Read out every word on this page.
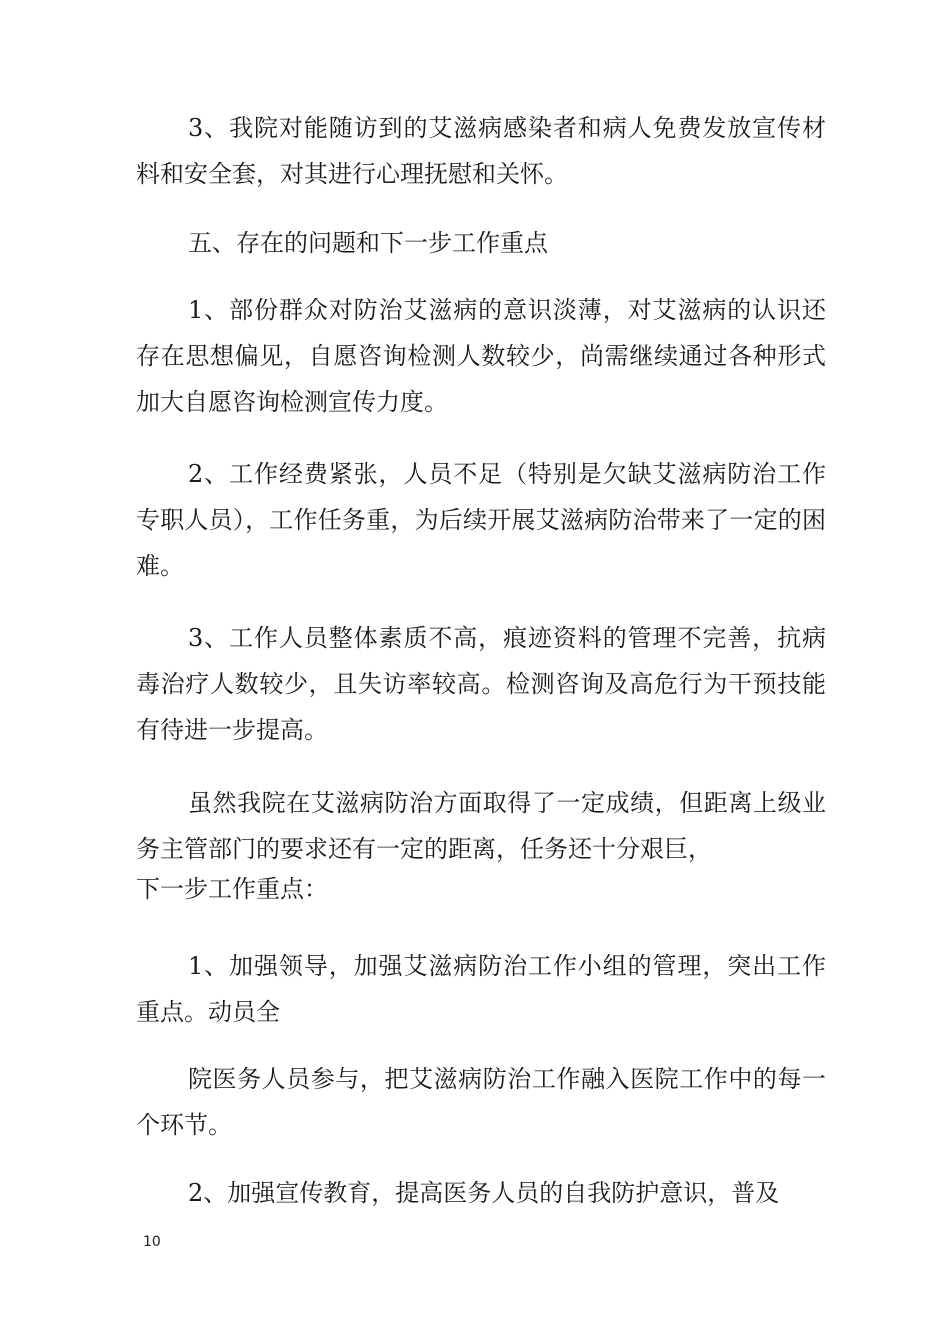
3、我院对能随访到的艾滋病感染者和病人免费发放宣传材料和安全套，对其进行心理抚慰和关怀。

五、存在的问题和下一步工作重点

1、部份群众对防治艾滋病的意识淡薄，对艾滋病的认识还存在思想偏见，自愿咨询检测人数较少，尚需继续通过各种形式加大自愿咨询检测宣传力度。

2、工作经费紧张，人员不足（特别是欠缺艾滋病防治工作专职人员），工作任务重，为后续开展艾滋病防治带来了一定的困难。

3、工作人员整体素质不高，痕迹资料的管理不完善，抗病毒治疗人数较少，且失访率较高。检测咨询及高危行为干预技能有待进一步提高。

虽然我院在艾滋病防治方面取得了一定成绩，但距离上级业务主管部门的要求还有一定的距离，任务还十分艰巨，

下一步工作重点：

1、加强领导，加强艾滋病防治工作小组的管理，突出工作重点。动员全

院医务人员参与，把艾滋病防治工作融入医院工作中的每一个环节。

2、加强宣传教育，提高医务人员的自我防护意识，普及

10
